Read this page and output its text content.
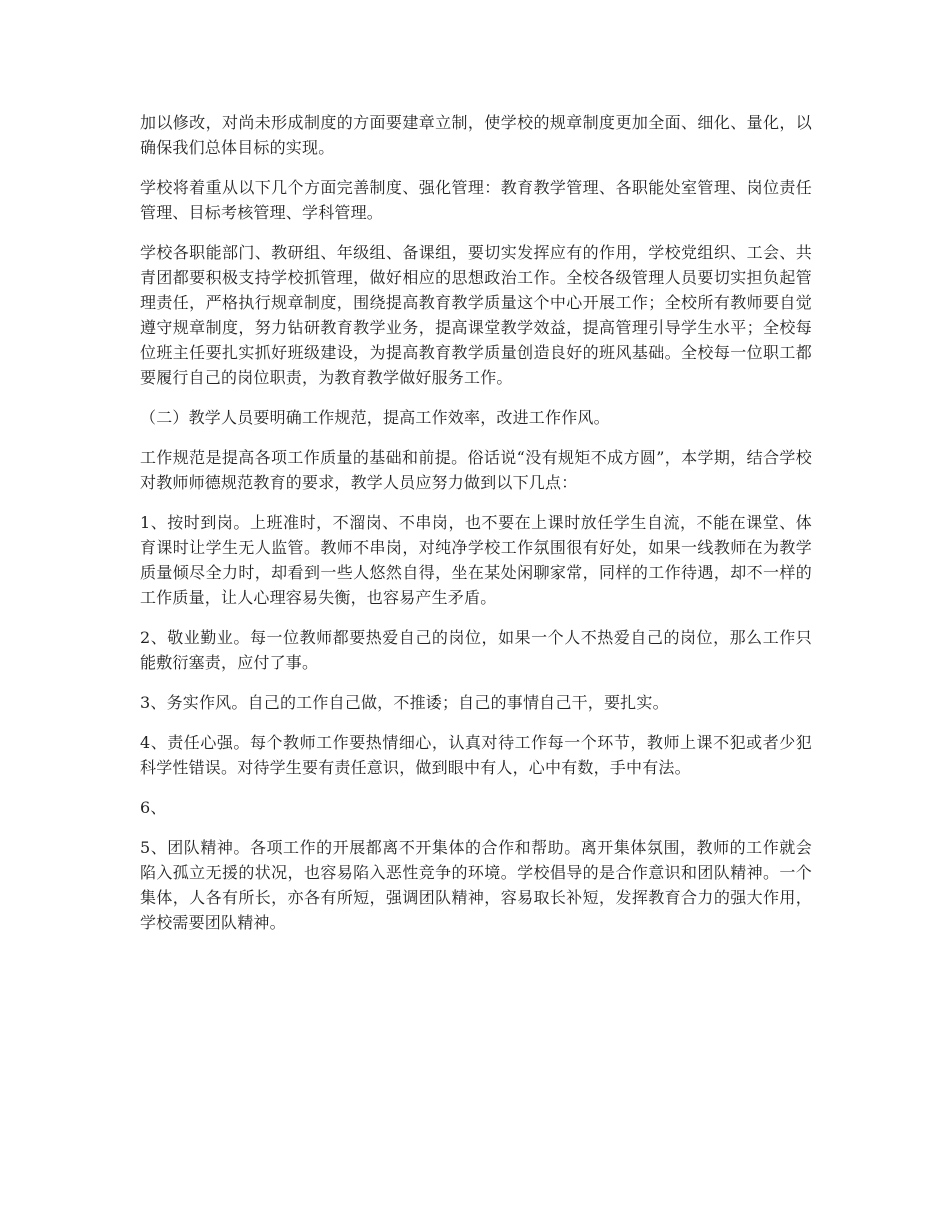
加以修改，对尚未形成制度的方面要建章立制，使学校的规章制度更加全面、细化、量化，以确保我们总体目标的实现。

学校将着重从以下几个方面完善制度、强化管理：教育教学管理、各职能处室管理、岗位责任管理、目标考核管理、学科管理。

学校各职能部门、教研组、年级组、备课组，要切实发挥应有的作用，学校党组织、工会、共青团都要积极支持学校抓管理，做好相应的思想政治工作。全校各级管理人员要切实担负起管理责任，严格执行规章制度，围绕提高教育教学质量这个中心开展工作；全校所有教师要自觉遵守规章制度，努力钻研教育教学业务，提高课堂教学效益，提高管理引导学生水平；全校每位班主任要扎实抓好班级建设，为提高教育教学质量创造良好的班风基础。全校每一位职工都要履行自己的岗位职责，为教育教学做好服务工作。

（二）教学人员要明确工作规范，提高工作效率，改进工作作风。

工作规范是提高各项工作质量的基础和前提。俗话说“没有规矩不成方圆”，本学期，结合学校对教师师德规范教育的要求，教学人员应努力做到以下几点：

1、按时到岗。上班准时，不溜岗、不串岗，也不要在上课时放任学生自流，不能在课堂、体育课时让学生无人监管。教师不串岗，对纯净学校工作氛围很有好处，如果一线教师在为教学质量倾尽全力时，却看到一些人悠然自得，坐在某处闲聊家常，同样的工作待遇，却不一样的工作质量，让人心理容易失衡，也容易产生矛盾。

2、敬业勤业。每一位教师都要热爱自己的岗位，如果一个人不热爱自己的岗位，那么工作只能敷衍塞责，应付了事。

3、务实作风。自己的工作自己做，不推诿；自己的事情自己干，要扎实。

4、责任心强。每个教师工作要热情细心，认真对待工作每一个环节，教师上课不犯或者少犯科学性错误。对待学生要有责任意识，做到眼中有人，心中有数，手中有法。

6、

5、团队精神。各项工作的开展都离不开集体的合作和帮助。离开集体氛围，教师的工作就会陷入孤立无援的状况，也容易陷入恶性竞争的环境。学校倡导的是合作意识和团队精神。一个集体，人各有所长，亦各有所短，强调团队精神，容易取长补短，发挥教育合力的强大作用，学校需要团队精神。
